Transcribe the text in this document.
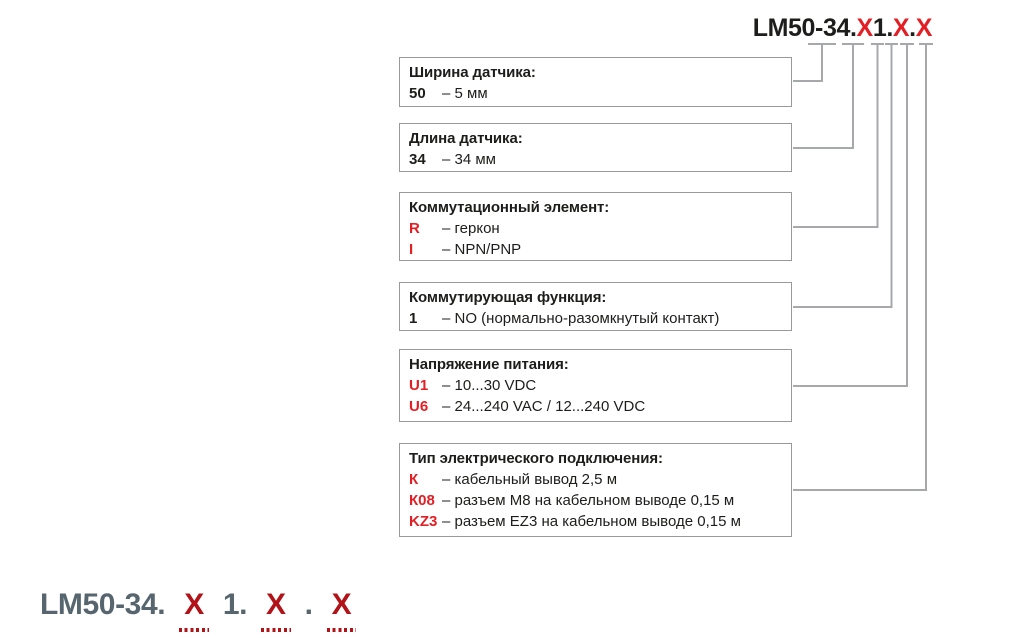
LM50-34.X1.X.X
Ширина датчика:
50	– 5 мм
Длина датчика:
34	– 34 мм
Коммутационный элемент:
R	– геркон
I	– NPN/PNP
Коммутирующая функция:
1	– NO (нормально-разомкнутый контакт)
Напряжение питания:
U1 – 10...30 VDC
U6 – 24...240 VAC / 12...240 VDC
Тип электрического подключения:
К	– кабельный вывод 2,5 м
К08 – разъем М8 на кабельном выводе 0,15 м
KZ3 – разъем EZ3 на кабельном выводе 0,15 м
LM50-34. X 1. X . X
